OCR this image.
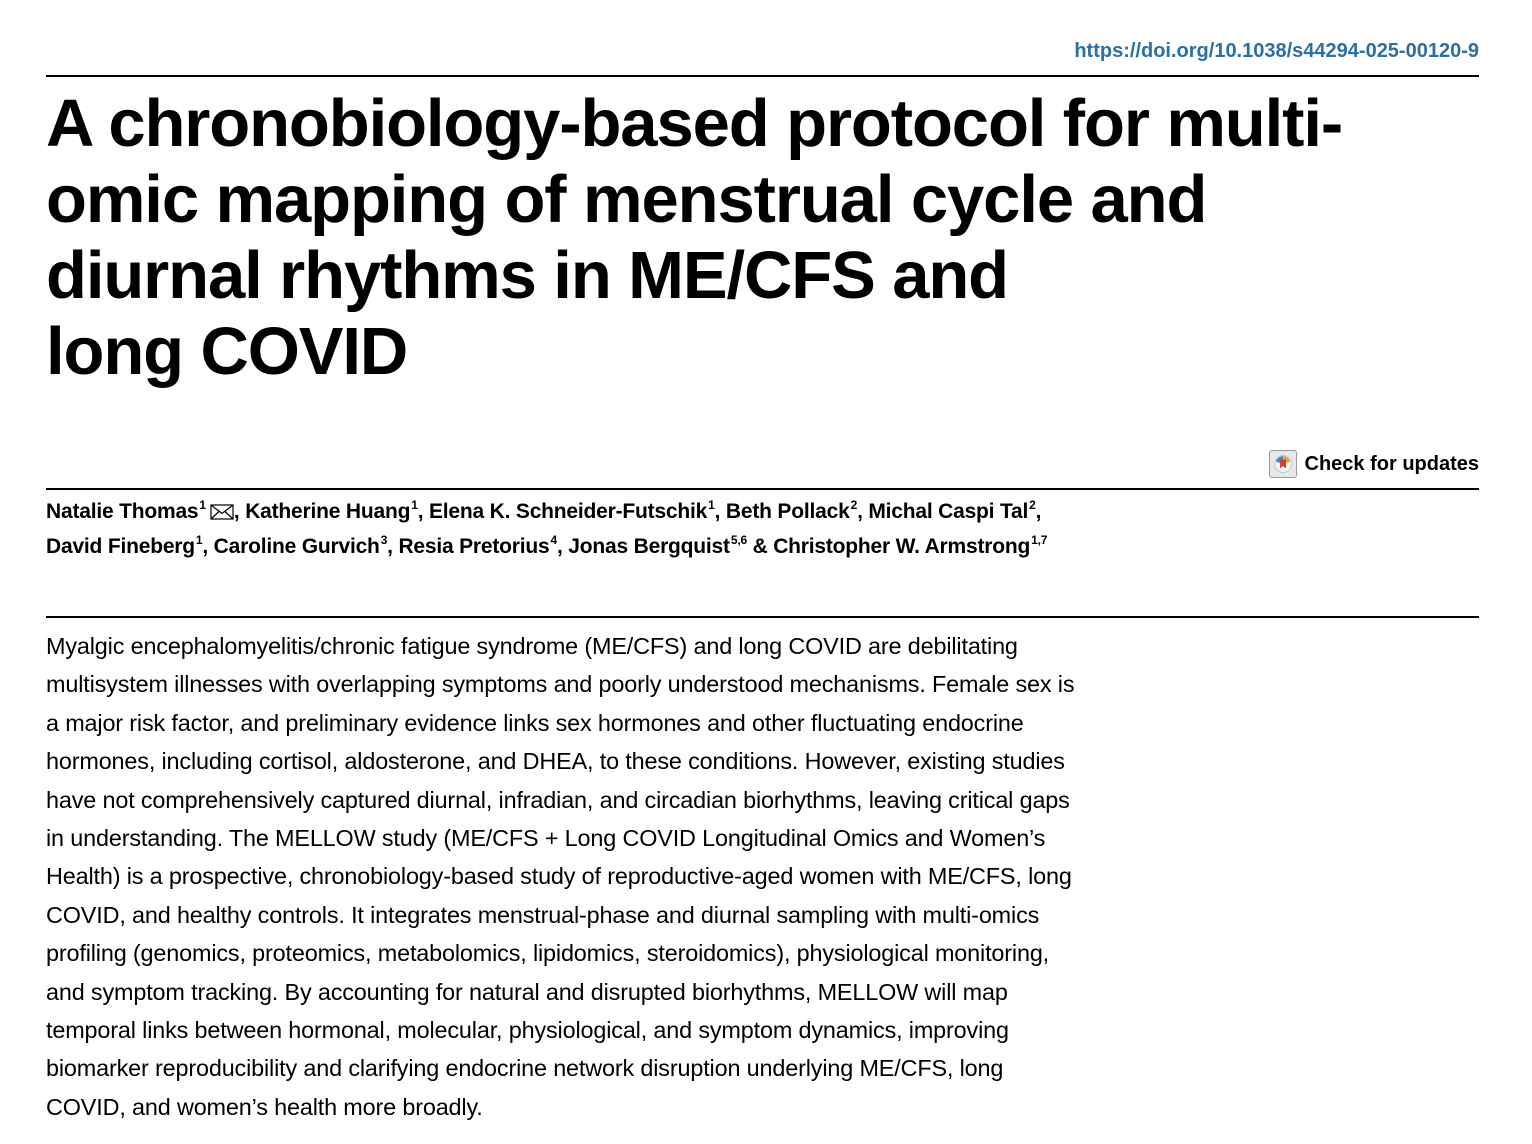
https://doi.org/10.1038/s44294-025-00120-9
A chronobiology-based protocol for multi-
omic mapping of menstrual cycle and
diurnal rhythms in ME/CFS and
long COVID
Check for updates
Natalie Thomas$^1$ , Katherine Huang$^1$, Elena K. Schneider-Futschik$^1$, Beth Pollack$^2$, Michal Caspi Tal$^2$,
David Fineberg$^1$, Caroline Gurvich$^3$, Resia Pretorius$^4$, Jonas Bergquist$^{5,6}$ & Christopher W. Armstrong$^{1,7}$
Myalgic encephalomyelitis/chronic fatigue syndrome (ME/CFS) and long COVID are debilitating
multisystem illnesses with overlapping symptoms and poorly understood mechanisms. Female sex is
a major risk factor, and preliminary evidence links sex hormones and other fluctuating endocrine
hormones, including cortisol, aldosterone, and DHEA, to these conditions. However, existing studies
have not comprehensively captured diurnal, infradian, and circadian biorhythms, leaving critical gaps
in understanding. The MELLOW study (ME/CFS + Long COVID Longitudinal Omics and Women’s
Health) is a prospective, chronobiology-based study of reproductive-aged women with ME/CFS, long
COVID, and healthy controls. It integrates menstrual-phase and diurnal sampling with multi-omics
profiling (genomics, proteomics, metabolomics, lipidomics, steroidomics), physiological monitoring,
and symptom tracking. By accounting for natural and disrupted biorhythms, MELLOW will map
temporal links between hormonal, molecular, physiological, and symptom dynamics, improving
biomarker reproducibility and clarifying endocrine network disruption underlying ME/CFS, long
COVID, and women’s health more broadly.
